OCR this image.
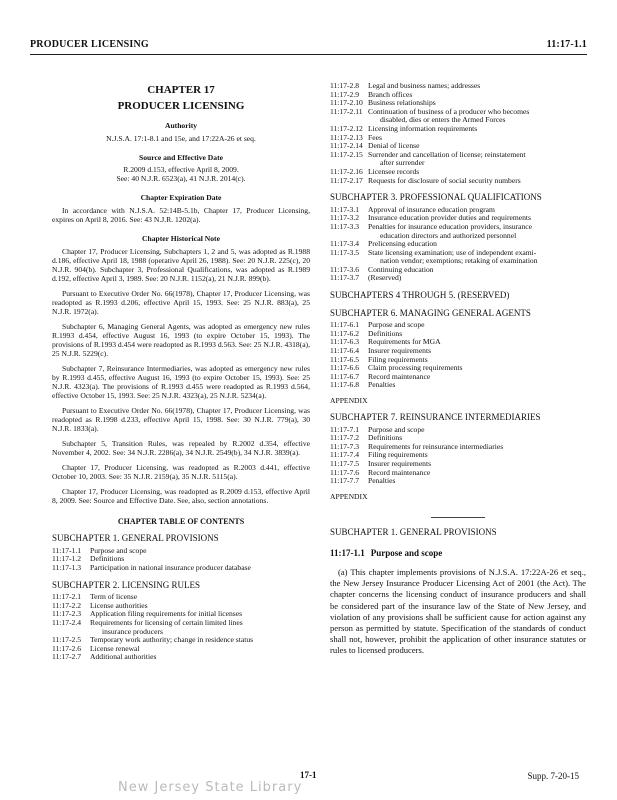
PRODUCER LICENSING	11:17-1.1
CHAPTER 17
PRODUCER LICENSING
Authority
N.J.S.A. 17:1-8.1 and 15e, and 17:22A-26 et seq.
Source and Effective Date
R.2009 d.153, effective April 8, 2009.
See: 40 N.J.R. 6523(a), 41 N.J.R. 2014(c).
Chapter Expiration Date

In accordance with N.J.S.A. 52:14B-5.1b, Chapter 17, Producer Licensing, expires on April 8, 2016. See: 43 N.J.R. 1202(a).

Chapter Historical Note

Chapter 17, Producer Licensing, Subchapters 1, 2 and 5, was adopted as R.1988 d.186, effective April 18, 1988 (operative April 26, 1988). See: 20 N.J.R. 225(c), 20 N.J.R. 904(b). Subchapter 3, Professional Qualifications, was adopted as R.1989 d.192, effective April 3, 1989. See: 20 N.J.R. 1152(a), 21 N.J.R. 899(b).

Pursuant to Executive Order No. 66(1978), Chapter 17, Producer Licensing, was readopted as R.1993 d.206, effective April 15, 1993. See: 25 N.J.R. 883(a), 25 N.J.R. 1972(a).

Subchapter 6, Managing General Agents, was adopted as emergency new rules R.1993 d.454, effective August 16, 1993 (to expire October 15, 1993). The provisions of R.1993 d.454 were readopted as R.1993 d.563. See: 25 N.J.R. 4318(a), 25 N.J.R. 5229(c).

Subchapter 7, Reinsurance Intermediaries, was adopted as emergency new rules by R.1993 d.455, effective August 16, 1993 (to expire October 15, 1993). See: 25 N.J.R. 4323(a). The provisions of R.1993 d.455 were readopted as R.1993 d.564, effective October 15, 1993. See: 25 N.J.R. 4323(a), 25 N.J.R. 5234(a).

Pursuant to Executive Order No. 66(1978), Chapter 17, Producer Licensing, was readopted as R.1998 d.233, effective April 15, 1998. See: 30 N.J.R. 779(a), 30 N.J.R. 1833(a).

Subchapter 5, Transition Rules, was repealed by R.2002 d.354, effective November 4, 2002. See: 34 N.J.R. 2286(a), 34 N.J.R. 2549(b), 34 N.J.R. 3839(a).

Chapter 17, Producer Licensing, was readopted as R.2003 d.441, effective October 10, 2003. See: 35 N.J.R. 2159(a), 35 N.J.R. 5115(a).

Chapter 17, Producer Licensing, was readopted as R.2009 d.153, effective April 8, 2009. See: Source and Effective Date. See, also, section annotations.

CHAPTER TABLE OF CONTENTS
SUBCHAPTER 1. GENERAL PROVISIONS
11:17-1.1	Purpose and scope
11:17-1.2	Definitions
11:17-1.3	Participation in national insurance producer database
SUBCHAPTER 2. LICENSING RULES
11:17-2.1	Term of license
11:17-2.2	License authorities
11:17-2.3	Application filing requirements for initial licenses
11:17-2.4	Requirements for licensing of certain limited lines
insurance producers
11:17-2.5	Temporary work authority; change in residence status
11:17-2.6	License renewal
11:17-2.7	Additional authorities
11:17-2.8	Legal and business names; addresses
11:17-2.9	Branch offices
11:17-2.10 Business relationships
11:17-2.11 Continuation of business of a producer who becomes
disabled, dies or enters the Armed Forces
11:17-2.12 Licensing information requirements
11:17-2.13 Fees
11:17-2.14 Denial of license
11:17-2.15 Surrender and cancellation of license; reinstatement
after surrender
11:17-2.16 Licensee records
11:17-2.17 Requests for disclosure of social security numbers
SUBCHAPTER 3. PROFESSIONAL QUALIFICATIONS
11:17-3.1	Approval of insurance education program
11:17-3.2	Insurance education provider duties and requirements
11:17-3.3	Penalties for insurance education providers, insurance
education directors and authorized personnel
11:17-3.4	Prelicensing education
11:17-3.5	State licensing examination; use of independent exami-
nation vendor; exemptions; retaking of examination
11:17-3.6	Continuing education
11:17-3.7	(Reserved)
SUBCHAPTERS 4 THROUGH 5. (RESERVED)
SUBCHAPTER 6. MANAGING GENERAL AGENTS
11:17-6.1	Purpose and scope
11:17-6.2	Definitions
11:17-6.3	Requirements for MGA
11:17-6.4	Insurer requirements
11:17-6.5	Filing requirements
11:17-6.6	Claim processing requirements
11:17-6.7	Record maintenance
11:17-6.8	Penalties
APPENDIX
SUBCHAPTER 7. REINSURANCE INTERMEDIARIES
11:17-7.1	Purpose and scope
11:17-7.2	Definitions
11:17-7.3	Requirements for reinsurance intermediaries
11:17-7.4	Filing requirements
11:17-7.5	Insurer requirements
11:17-7.6	Record maintenance
11:17-7.7	Penalties
APPENDIX
SUBCHAPTER 1. GENERAL PROVISIONS
11:17-1.1 Purpose and scope

(a) This chapter implements provisions of N.J.S.A. 17:22A-26 et seq., the New Jersey Insurance Producer Licensing Act of 2001 (the Act). The chapter concerns the licensing conduct of insurance producers and shall be considered part of the insurance law of the State of New Jersey, and violation of any provisions shall be sufficient cause for action against any person as permitted by statute. Specification of the standards of conduct shall not, however, prohibit the application of other insurance statutes or rules to licensed producers.

17-1	Supp. 7-20-15
New Jersey State Library
